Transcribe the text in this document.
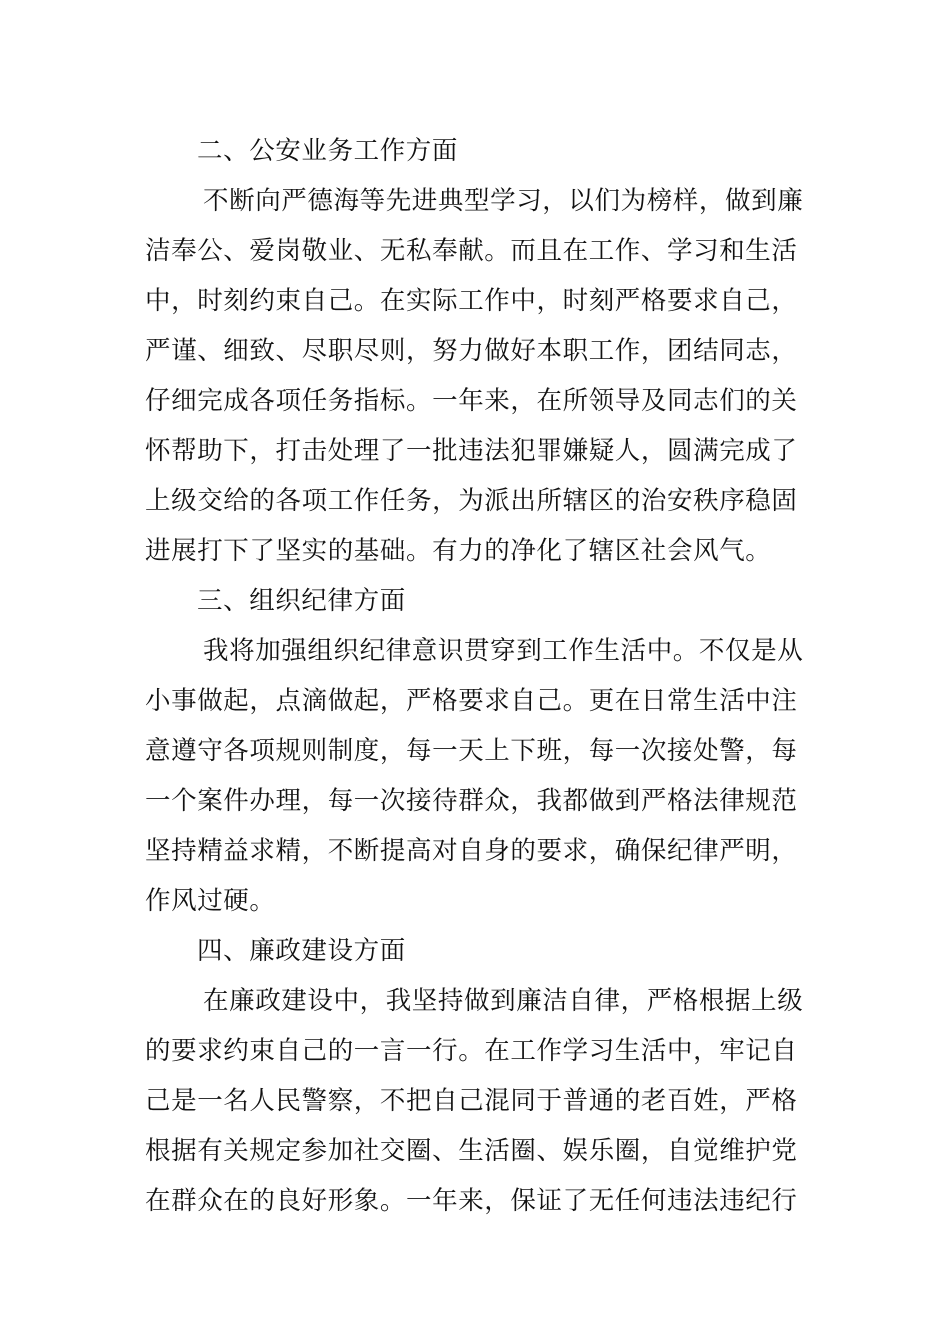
二、公安业务工作方面
不断向严德海等先进典型学习，以们为榜样，做到廉
洁奉公、爱岗敬业、无私奉献。而且在工作、学习和生活
中，时刻约束自己。在实际工作中，时刻严格要求自己，
严谨、细致、尽职尽则，努力做好本职工作，团结同志，
仔细完成各项任务指标。一年来，在所领导及同志们的关
怀帮助下，打击处理了一批违法犯罪嫌疑人，圆满完成了
上级交给的各项工作任务，为派出所辖区的治安秩序稳固
进展打下了坚实的基础。有力的净化了辖区社会风气。
三、组织纪律方面
我将加强组织纪律意识贯穿到工作生活中。不仅是从
小事做起，点滴做起，严格要求自己。更在日常生活中注
意遵守各项规则制度，每一天上下班，每一次接处警，每
一个案件办理，每一次接待群众，我都做到严格法律规范
坚持精益求精，不断提高对自身的要求，确保纪律严明，
作风过硬。
四、廉政建设方面
在廉政建设中，我坚持做到廉洁自律，严格根据上级
的要求约束自己的一言一行。在工作学习生活中，牢记自
己是一名人民警察，不把自己混同于普通的老百姓，严格
根据有关规定参加社交圈、生活圈、娱乐圈，自觉维护党
在群众在的良好形象。一年来，保证了无任何违法违纪行
